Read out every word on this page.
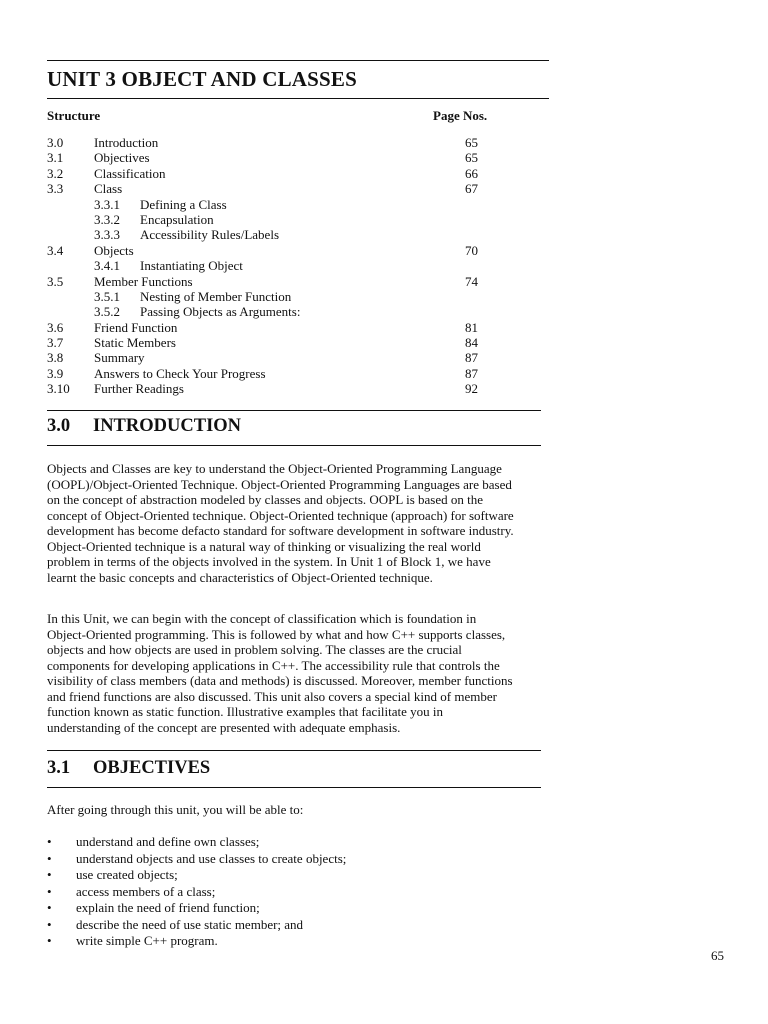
UNIT 3 OBJECT AND CLASSES
Structure	Page Nos.
3.0 Introduction	65
3.1 Objectives	65
3.2 Classification	66
3.3 Class	67
3.3.1 Defining a Class
3.3.2 Encapsulation
3.3.3 Accessibility Rules/Labels
3.4 Objects	70
3.4.1 Instantiating Object
3.5 Member Functions	74
3.5.1 Nesting of Member Function
3.5.2 Passing Objects as Arguments:
3.6 Friend Function	81
3.7 Static Members	84
3.8 Summary	87
3.9 Answers to Check Your Progress	87
3.10 Further Readings	92
3.0 INTRODUCTION

Objects and Classes are key to understand the Object-Oriented Programming Language (OOPL)/Object-Oriented Technique. Object-Oriented Programming Languages are based on the concept of abstraction modeled by classes and objects. OOPL is based on the concept of Object-Oriented technique. Object-Oriented technique (approach) for software development has become defacto standard for software development in software industry. Object-Oriented technique is a natural way of thinking or visualizing the real world problem in terms of the objects involved in the system. In Unit 1 of Block 1, we have learnt the basic concepts and characteristics of Object-Oriented technique.

In this Unit, we can begin with the concept of classification which is foundation in Object-Oriented programming. This is followed by what and how C++ supports classes, objects and how objects are used in problem solving. The classes are the crucial components for developing applications in C++. The accessibility rule that controls the visibility of class members (data and methods) is discussed. Moreover, member functions and friend functions are also discussed. This unit also covers a special kind of member function known as static function. Illustrative examples that facilitate you in understanding of the concept are presented with adequate emphasis.

3.1 OBJECTIVES

After going through this unit, you will be able to:

• understand and define own classes;
• understand objects and use classes to create objects;
• use created objects;
• access members of a class;
• explain the need of friend function;
• describe the need of use static member; and
• write simple C++ program.
65
